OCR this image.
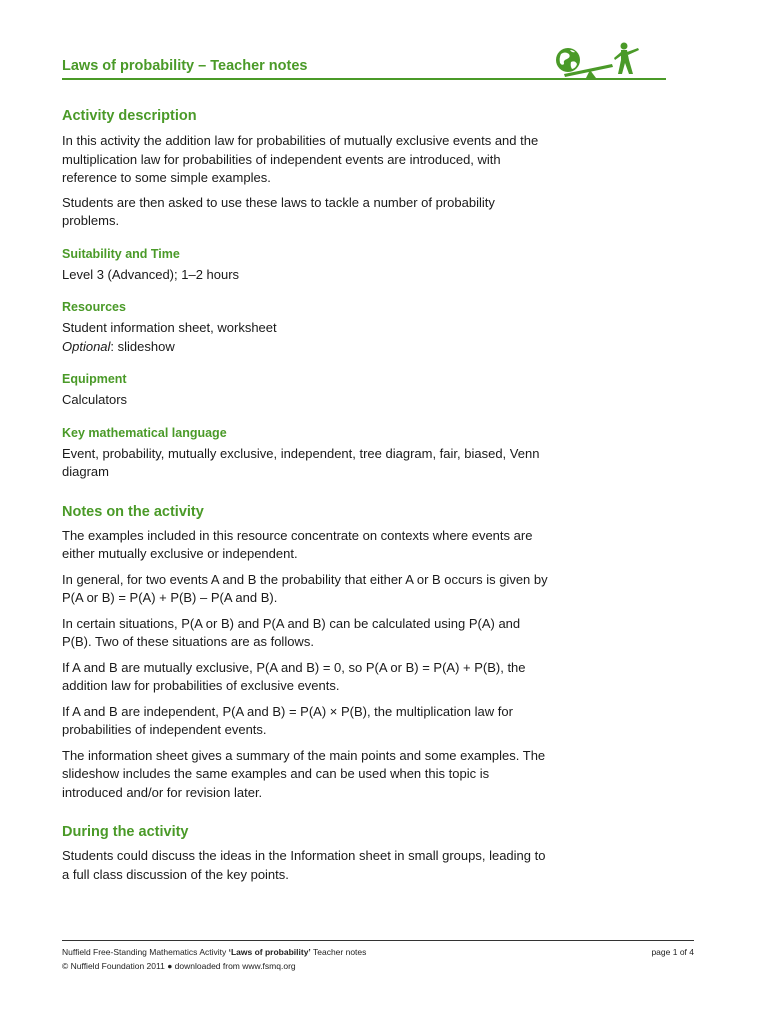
Laws of probability – Teacher notes
Activity description

In this activity the addition law for probabilities of mutually exclusive events and the multiplication law for probabilities of independent events are introduced, with reference to some simple examples.

Students are then asked to use these laws to tackle a number of probability problems.

Suitability and Time

Level 3 (Advanced); 1–2 hours

Resources

Student information sheet, worksheet

Optional: slideshow

Equipment

Calculators

Key mathematical language

Event, probability, mutually exclusive, independent, tree diagram, fair, biased, Venn diagram

Notes on the activity

The examples included in this resource concentrate on contexts where events are either mutually exclusive or independent.

In general, for two events A and B the probability that either A or B occurs is given by P(A or B) = P(A) + P(B) – P(A and B).

In certain situations, P(A or B) and P(A and B) can be calculated using P(A) and P(B). Two of these situations are as follows.

If A and B are mutually exclusive, P(A and B) = 0, so P(A or B) = P(A) + P(B), the addition law for probabilities of exclusive events.

If A and B are independent, P(A and B) = P(A) × P(B), the multiplication law for probabilities of independent events.

The information sheet gives a summary of the main points and some examples. The slideshow includes the same examples and can be used when this topic is introduced and/or for revision later.

During the activity

Students could discuss the ideas in the Information sheet in small groups, leading to a full class discussion of the key points.

Nuffield Free-Standing Mathematics Activity ‘Laws of probability’ Teacher notes
© Nuffield Foundation 2011 ● downloaded from www.fsmq.org
page 1 of 4
